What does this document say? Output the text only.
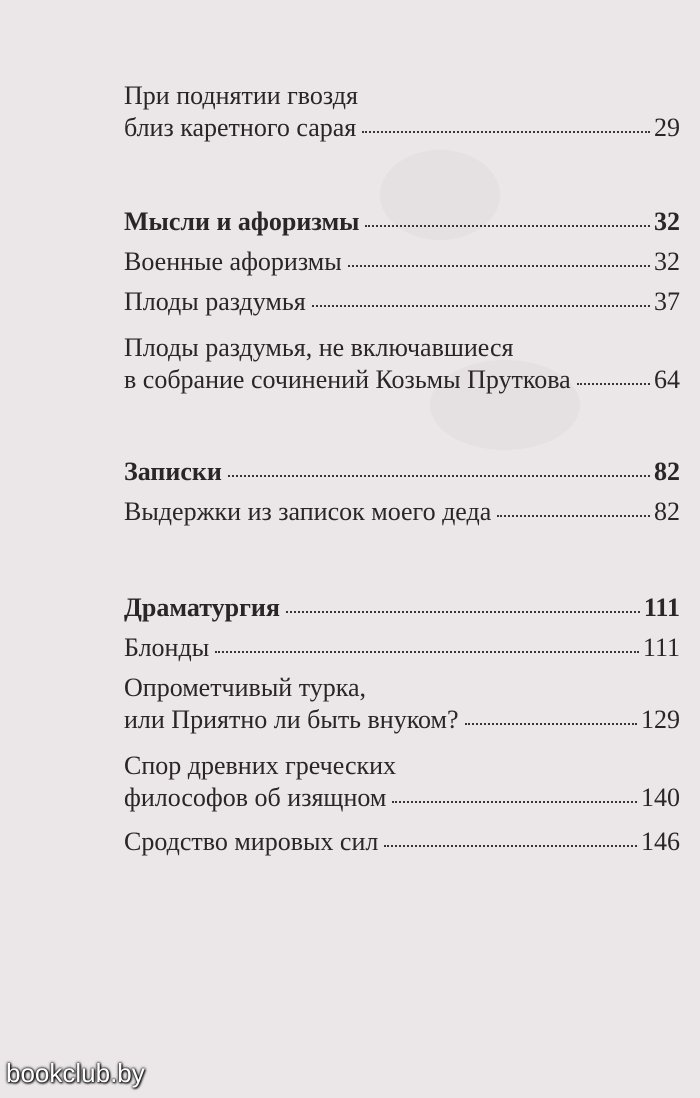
При поднятии гвоздя
близ каретного сарая	29
Мысли и афоризмы	32
Военные афоризмы	32
Плоды раздумья	37
Плоды раздумья, не включавшиеся
в собрание сочинений Козьмы Пруткова	64
Записки	82
Выдержки из записок моего деда	82
Драматургия	111
Блонды	111
Опрометчивый турка,
или Приятно ли быть внуком?	129
Спор древних греческих
философов об изящном	140
Сродство мировых сил	146
bookclub.by
